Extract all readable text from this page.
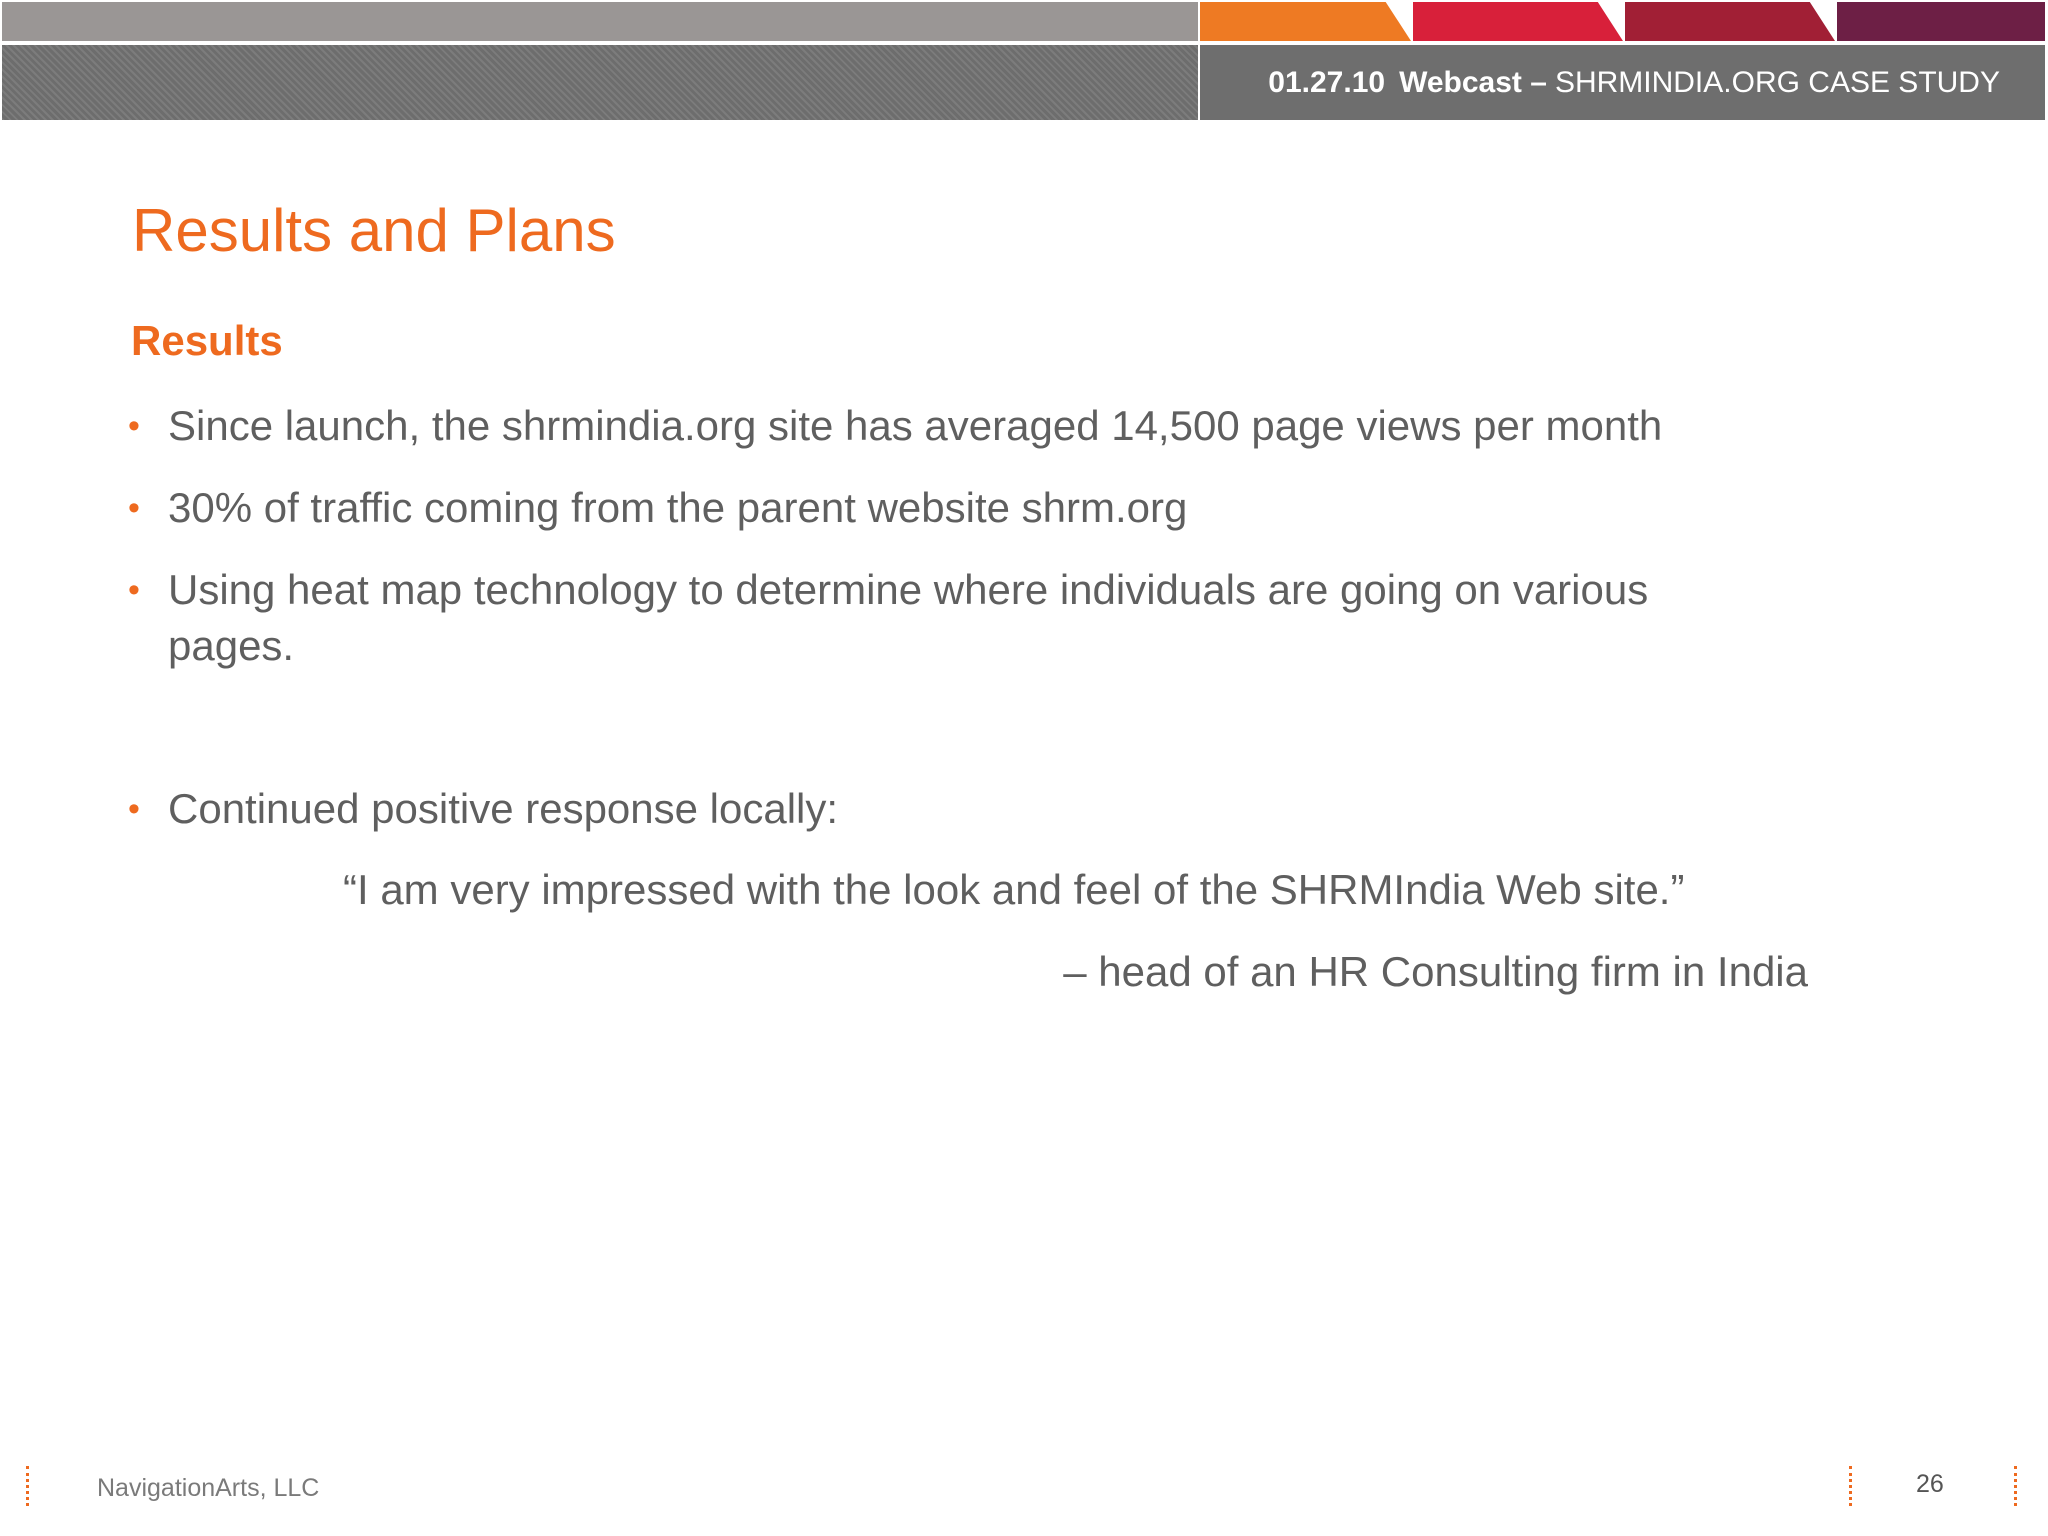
01.27.10 Webcast – SHRMINDIA.ORG CASE STUDY
Results and Plans
Results
• Since launch, the shrmindia.org site has averaged 14,500 page views per month
• 30% of traffic coming from the parent website shrm.org
• Using heat map technology to determine where individuals are going on various
pages.
• Continued positive response locally:
“I am very impressed with the look and feel of the SHRMIndia Web site.”
– head of an HR Consulting firm in India
NavigationArts, LLC	26
